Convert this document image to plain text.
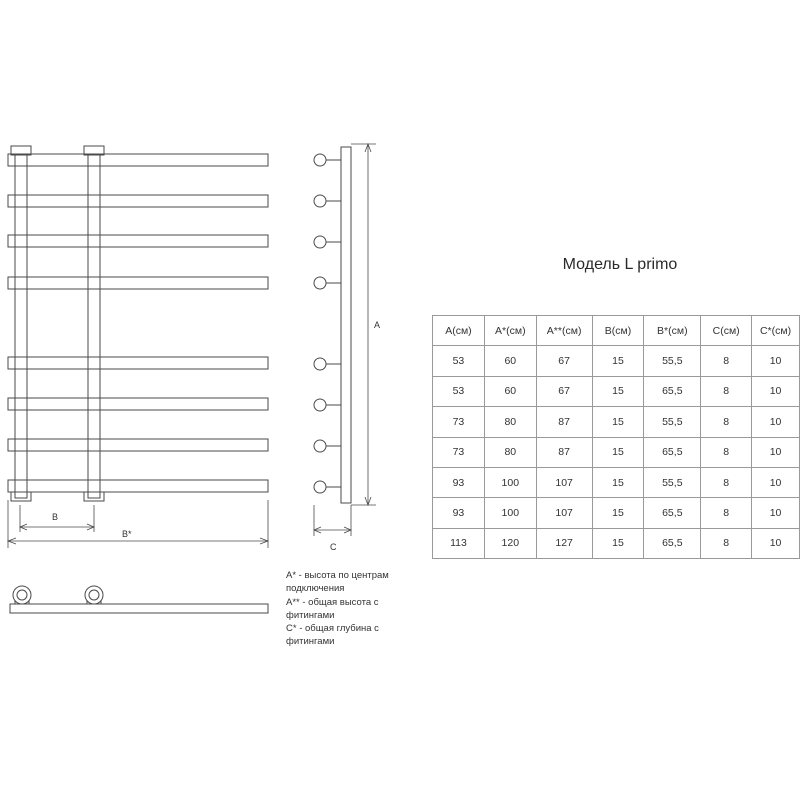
B
B*
A
C
Модель L primo
A(см)	A*(см)	A**(см)	B(см)	B*(см)	C(см)	C*(см)
53	60	67	15	55,5	8	10
53	60	67	15	65,5	8	10
73	80	87	15	55,5	8	10
73	80	87	15	65,5	8	10
93	100	107	15	55,5	8	10
93	100	107	15	65,5	8	10
113	120	127	15	65,5	8	10
A* - высота по центрам подключения
A** - общая высота с фитингами
C* - общая глубина с фитингами
